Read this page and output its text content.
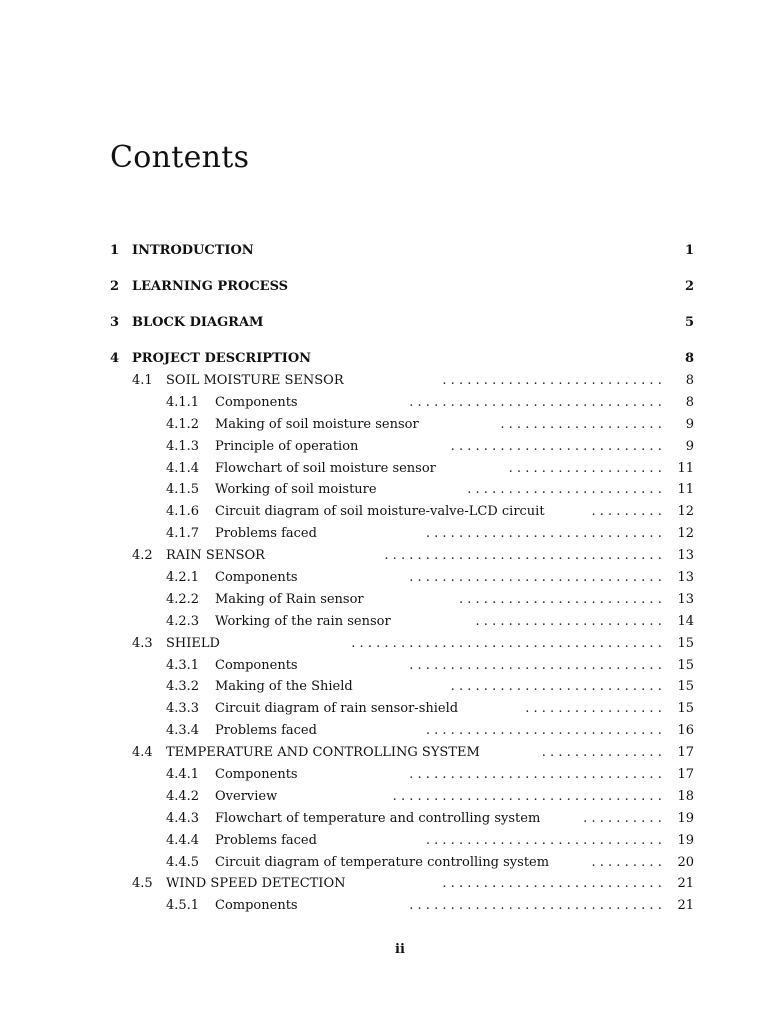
Contents
1 INTRODUCTION	1
2 LEARNING PROCESS	2
3 BLOCK DIAGRAM	5
4 PROJECT DESCRIPTION	8
4.1 SOIL MOISTURE SENSOR	........................... 8
4.1.1 Components	............................... 8
4.1.2 Making of soil moisture sensor	.................... 9
4.1.3 Principle of operation	.......................... 9
4.1.4 Flowchart of soil moisture sensor	................... 11
4.1.5 Working of soil moisture	........................ 11
4.1.6 Circuit diagram of soil moisture-valve-LCD circuit	......... 12
4.1.7 Problems faced	............................. 12
4.2 RAIN SENSOR	.................................. 13
4.2.1 Components	............................... 13
4.2.2 Making of Rain sensor	......................... 13
4.2.3 Working of the rain sensor	....................... 14
4.3 SHIELD	...................................... 15
4.3.1 Components	............................... 15
4.3.2 Making of the Shield	.......................... 15
4.3.3 Circuit diagram of rain sensor-shield	................. 15
4.3.4 Problems faced	............................. 16
4.4 TEMPERATURE AND CONTROLLING SYSTEM	............... 17
4.4.1 Components	............................... 17
4.4.2 Overview	................................. 18
4.4.3 Flowchart of temperature and controlling system	.......... 19
4.4.4 Problems faced	............................. 19
4.4.5 Circuit diagram of temperature controlling system	......... 20
4.5 WIND SPEED DETECTION	........................... 21
4.5.1 Components	............................... 21
ii
